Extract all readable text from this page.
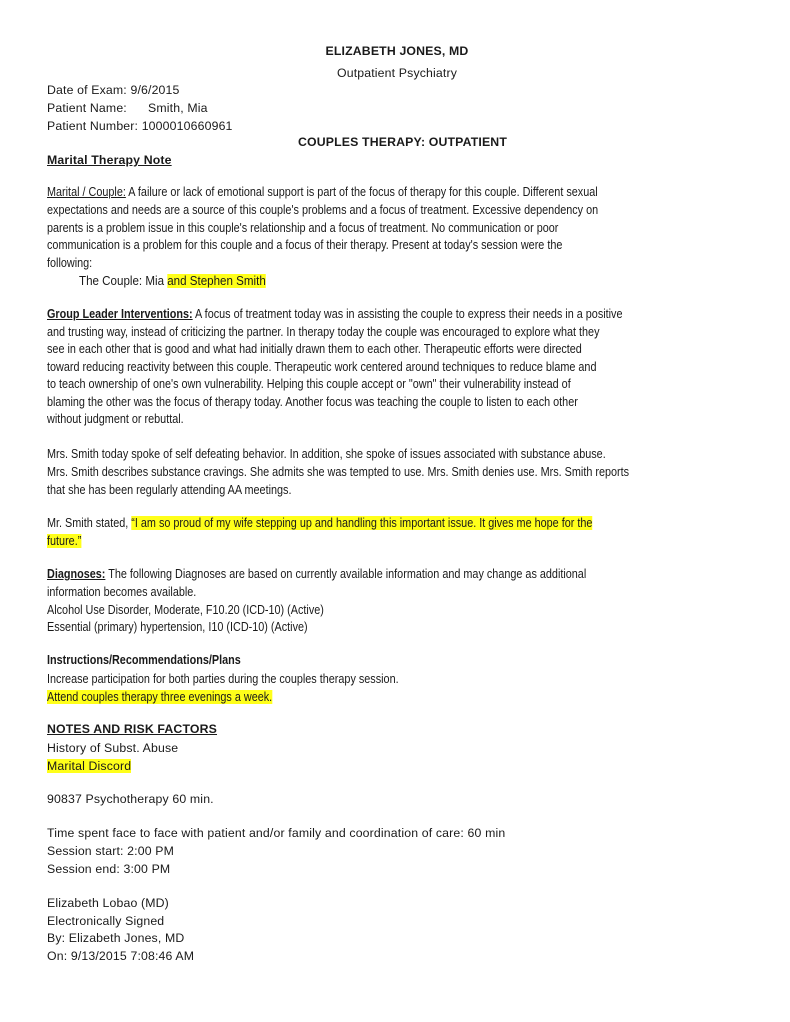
ELIZABETH JONES, MD
Outpatient Psychiatry
Date of Exam: 9/6/2015
Patient Name: Smith, Mia
Patient Number: 1000010660961
COUPLES THERAPY: OUTPATIENT
Marital Therapy Note
Marital / Couple: A failure or lack of emotional support is part of the focus of therapy for this couple. Different sexual
expectations and needs are a source of this couple's problems and a focus of treatment. Excessive dependency on
parents is a problem issue in this couple's relationship and a focus of treatment. No communication or poor
communication is a problem for this couple and a focus of their therapy. Present at today's session were the
following:
The Couple: Mia and Stephen Smith
Group Leader Interventions: A focus of treatment today was in assisting the couple to express their needs in a positive
and trusting way, instead of criticizing the partner. In therapy today the couple was encouraged to explore what they
see in each other that is good and what had initially drawn them to each other. Therapeutic efforts were directed
toward reducing reactivity between this couple. Therapeutic work centered around techniques to reduce blame and
to teach ownership of one's own vulnerability. Helping this couple accept or "own" their vulnerability instead of
blaming the other was the focus of therapy today. Another focus was teaching the couple to listen to each other
without judgment or rebuttal.
Mrs. Smith today spoke of self defeating behavior. In addition, she spoke of issues associated with substance abuse.
Mrs. Smith describes substance cravings. She admits she was tempted to use. Mrs. Smith denies use. Mrs. Smith reports
that she has been regularly attending AA meetings.
Mr. Smith stated, “I am so proud of my wife stepping up and handling this important issue. It gives me hope for the
future.”
Diagnoses: The following Diagnoses are based on currently available information and may change as additional
information becomes available.
Alcohol Use Disorder, Moderate, F10.20 (ICD-10) (Active)
Essential (primary) hypertension, I10 (ICD-10) (Active)
Instructions/Recommendations/Plans
Increase participation for both parties during the couples therapy session.
Attend couples therapy three evenings a week.
NOTES AND RISK FACTORS
History of Subst. Abuse
Marital Discord
90837 Psychotherapy 60 min.
Time spent face to face with patient and/or family and coordination of care: 60 min
Session start: 2:00 PM
Session end: 3:00 PM
Elizabeth Lobao (MD)
Electronically Signed
By: Elizabeth Jones, MD
On: 9/13/2015 7:08:46 AM
